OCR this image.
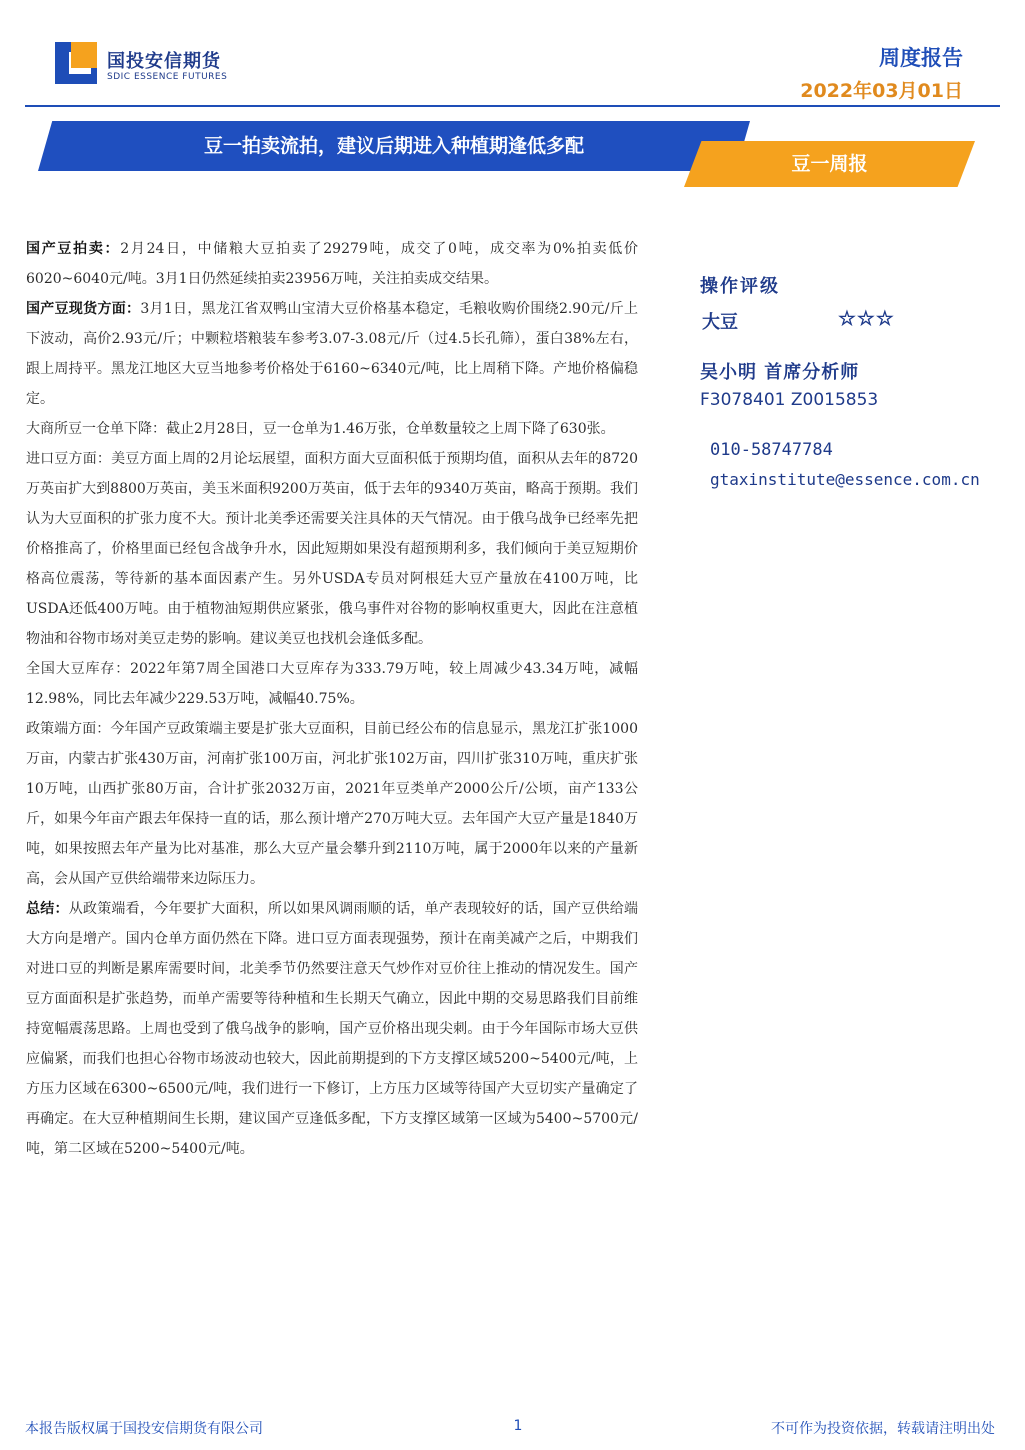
国投安信期货
SDIC ESSENCE FUTURES
周度报告
2022年03月01日
豆一拍卖流拍，建议后期进入种植期逢低多配
豆一周报

国产豆拍卖：2月24日，中储粮大豆拍卖了29279吨，成交了0吨，成交率为0%拍卖低价6020~6040元/吨。3月1日仍然延续拍卖23956万吨，关注拍卖成交结果。

国产豆现货方面：3月1日，黑龙江省双鸭山宝清大豆价格基本稳定，毛粮收购价围绕2.90元/斤上下波动，高价2.93元/斤；中颗粒塔粮装车参考3.07-3.08元/斤（过4.5长孔筛），蛋白38%左右，跟上周持平。黑龙江地区大豆当地参考价格处于6160~6340元/吨，比上周稍下降。产地价格偏稳定。

大商所豆一仓单下降：截止2月28日，豆一仓单为1.46万张，仓单数量较之上周下降了630张。

进口豆方面：美豆方面上周的2月论坛展望，面积方面大豆面积低于预期均值，面积从去年的8720万英亩扩大到8800万英亩，美玉米面积9200万英亩，低于去年的9340万英亩，略高于预期。我们认为大豆面积的扩张力度不大。预计北美季还需要关注具体的天气情况。由于俄乌战争已经率先把价格推高了，价格里面已经包含战争升水，因此短期如果没有超预期利多，我们倾向于美豆短期价格高位震荡，等待新的基本面因素产生。另外USDA专员对阿根廷大豆产量放在4100万吨，比USDA还低400万吨。由于植物油短期供应紧张，俄乌事件对谷物的影响权重更大，因此在注意植物油和谷物市场对美豆走势的影响。建议美豆也找机会逢低多配。

全国大豆库存：2022年第7周全国港口大豆库存为333.79万吨，较上周减少43.34万吨，减幅12.98%，同比去年减少229.53万吨，减幅40.75%。

政策端方面：今年国产豆政策端主要是扩张大豆面积，目前已经公布的信息显示，黑龙江扩张1000万亩，内蒙古扩张430万亩，河南扩张100万亩，河北扩张102万亩，四川扩张310万吨，重庆扩张10万吨，山西扩张80万亩，合计扩张2032万亩，2021年豆类单产2000公斤/公顷，亩产133公斤，如果今年亩产跟去年保持一直的话，那么预计增产270万吨大豆。去年国产大豆产量是1840万吨，如果按照去年产量为比对基准，那么大豆产量会攀升到2110万吨，属于2000年以来的产量新高，会从国产豆供给端带来边际压力。

总结：从政策端看，今年要扩大面积，所以如果风调雨顺的话，单产表现较好的话，国产豆供给端大方向是增产。国内仓单方面仍然在下降。进口豆方面表现强势，预计在南美减产之后，中期我们对进口豆的判断是累库需要时间，北美季节仍然要注意天气炒作对豆价往上推动的情况发生。国产豆方面面积是扩张趋势，而单产需要等待种植和生长期天气确立，因此中期的交易思路我们目前维持宽幅震荡思路。上周也受到了俄乌战争的影响，国产豆价格出现尖刺。由于今年国际市场大豆供应偏紧，而我们也担心谷物市场波动也较大，因此前期提到的下方支撑区域5200~5400元/吨，上方压力区域在6300~6500元/吨，我们进行一下修订，上方压力区域等待国产大豆切实产量确定了再确定。在大豆种植期间生长期，建议国产豆逢低多配，下方支撑区域第一区域为5400~5700元/吨，第二区域在5200~5400元/吨。

操作评级
大豆	☆☆☆
吴小明 首席分析师
F3078401 Z0015853
010-58747784
gtaxinstitute@essence.com.cn
本报告版权属于国投安信期货有限公司	1	不可作为投资依据，转载请注明出处
